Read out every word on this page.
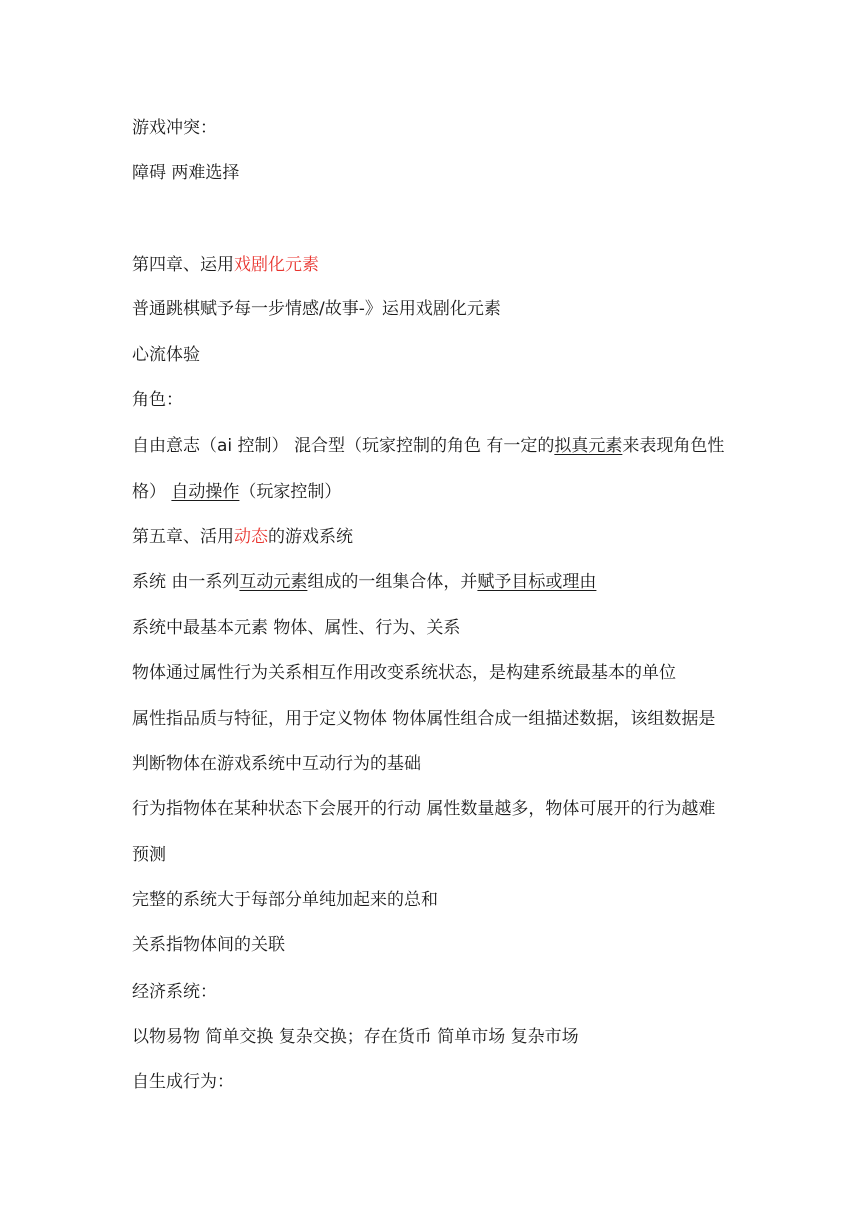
游戏冲突：
障碍 两难选择
第四章、运用戏剧化元素
普通跳棋赋予每一步情感/故事-》运用戏剧化元素
心流体验
角色：
自由意志（ai 控制） 混合型（玩家控制的角色 有一定的拟真元素来表现角色性
格） 自动操作（玩家控制）
第五章、活用动态的游戏系统
系统 由一系列互动元素组成的一组集合体，并赋予目标或理由
系统中最基本元素 物体、属性、行为、关系
物体通过属性行为关系相互作用改变系统状态，是构建系统最基本的单位
属性指品质与特征，用于定义物体 物体属性组合成一组描述数据，该组数据是
判断物体在游戏系统中互动行为的基础
行为指物体在某种状态下会展开的行动 属性数量越多，物体可展开的行为越难
预测
完整的系统大于每部分单纯加起来的总和
关系指物体间的关联
经济系统：
以物易物 简单交换 复杂交换；存在货币 简单市场 复杂市场
自生成行为：
